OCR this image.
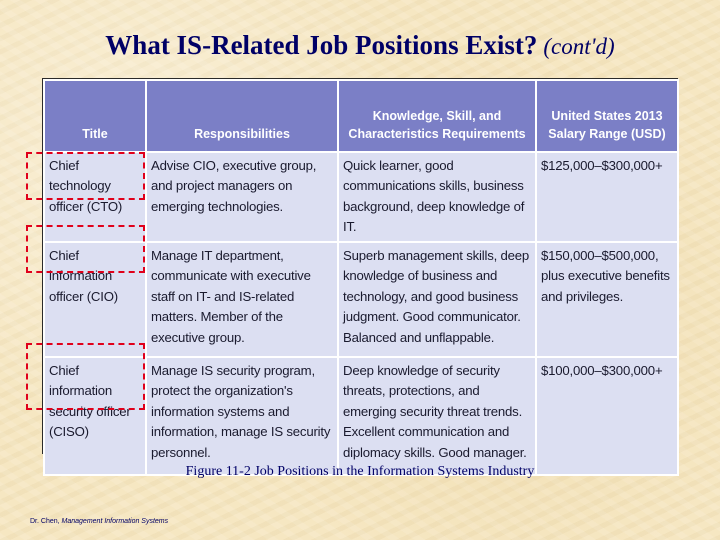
What IS-Related Job Positions Exist? (cont'd)
Title	Responsibilities	Knowledge, Skill, and Characteristics Requirements	United States 2013 Salary Range (USD)
Chief technology officer (CTO)	Advise CIO, executive group, and project managers on emerging technologies.	Quick learner, good communications skills, business background, deep knowledge of IT.	$125,000–$300,000+
Chief information officer (CIO)	Manage IT department, communicate with executive staff on IT- and IS-related matters. Member of the executive group.	Superb management skills, deep knowledge of business and technology, and good business judgment. Good communicator. Balanced and unflappable.	$150,000–$500,000, plus executive benefits and privileges.
Chief information security officer (CISO)	Manage IS security program, protect the organization's information systems and information, manage IS security personnel.	Deep knowledge of security threats, protections, and emerging security threat trends. Excellent communication and diplomacy skills. Good manager.	$100,000–$300,000+
Figure 11-2 Job Positions in the Information Systems Industry
Dr. Chen, Management Information Systems
